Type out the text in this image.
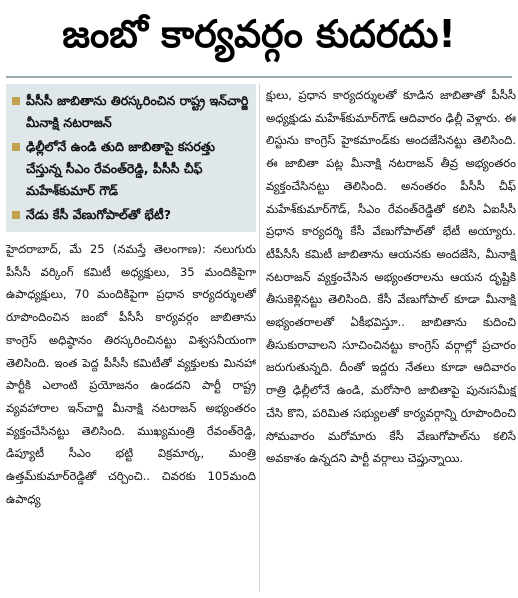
జంబో కార్యవర్గం కుదరదు!
పీసీసీ జాబితాను తిరస్కరించిన రాష్ట్ర ఇన్‌చార్జి మీనాక్షి నటరాజన్
ఢిల్లీలోనే ఉండి తుది జాబితాపై కసరత్తు చేస్తున్న సీఎం రేవంత్‌రెడ్డి, పీసీసీ చీఫ్ మహేశ్‌కుమార్ గౌడ్
నేడు కేసీ వేణుగోపాల్‌తో భేటీ?

హైదరాబాద్, మే 25 (నమస్తే తెలంగాణ): నలుగురు పీసీసీ వర్కింగ్ కమిటీ అధ్యక్షులు, 35 మందికిపైగా ఉపాధ్యక్షులు, 70 మందికిపైగా ప్రధాన కార్యదర్శులతో రూపొందించిన జంబో పీసీసీ కార్యవర్గం జాబితాను కాంగ్రెస్ అధిష్ఠానం తిరస్కరించినట్టు విశ్వసనీయంగా తెలిసింది. ఇంత పెద్ద పీసీసీ కమిటీతో వ్యక్తులకు మినహా పార్టీకి ఎలాంటి ప్రయోజనం ఉండదని పార్టీ రాష్ట్ర వ్యవహారాల ఇన్‌చార్జి మీనాక్షి నటరాజన్ అభ్యంతరం వ్యక్తంచేసినట్టు తెలిసింది. ముఖ్యమంత్రి రేవంత్‌రెడ్డి, డిప్యూటీ సీఎం భట్టి విక్రమార్క, మంత్రి ఉత్తమ్‌కుమార్‌రెడ్డితో చర్చించి.. చివరకు 105మంది ఉపాధ్య

క్షులు, ప్రధాన కార్యదర్శులతో కూడిన జాబితాతో పీసీసీ అధ్యక్షుడు మహేశ్‌కుమార్‌గౌడ్ ఆదివారం ఢిల్లీ వెళ్లారు. ఈ లిస్టును కాంగ్రెస్ హైకమాండ్‌కు అందజేసినట్టు తెలిసింది. ఈ జాబితా పట్ల మీనాక్షి నటరాజన్ తీవ్ర అభ్యంతరం వ్యక్తంచేసినట్టు తెలిసింది. అనంతరం పీసీసీ చీఫ్ మహేశ్‌కుమార్‌గౌడ్, సీఎం రేవంత్‌రెడ్డితో కలిసి ఏఐసీసీ ప్రధాన కార్యదర్శి కేసీ వేణుగోపాల్‌తో భేటీ అయ్యారు. టీపీసీసీ కమిటీ జాబితాను ఆయనకు అందజేసి, మీనాక్షి నటరాజన్ వ్యక్తంచేసిన అభ్యంతరాలను ఆయన దృష్టికి తీసుకెళ్లినట్టు తెలిసింది. కేసీ వేణుగోపాల్ కూడా మీనాక్షి అభ్యంతరాలతో ఏకీభవిస్తూ.. జాబితాను కుదించి తీసుకురావాలని సూచించినట్టు కాంగ్రెస్ వర్గాల్లో ప్రచారం జరుగుతున్నది. దీంతో ఇద్దరు నేతలు కూడా ఆదివారం రాత్రి ఢిల్లీలోనే ఉండి, మరోసారి జాబితాపై పునఃసమీక్ష చేసి కొని, పరిమిత సభ్యులతో కార్యవర్గాన్ని రూపొందించి సోమవారం మరోమారు కేసీ వేణుగోపాల్‌ను కలిసే అవకాశం ఉన్నదని పార్టీ వర్గాలు చెప్తున్నాయి.
